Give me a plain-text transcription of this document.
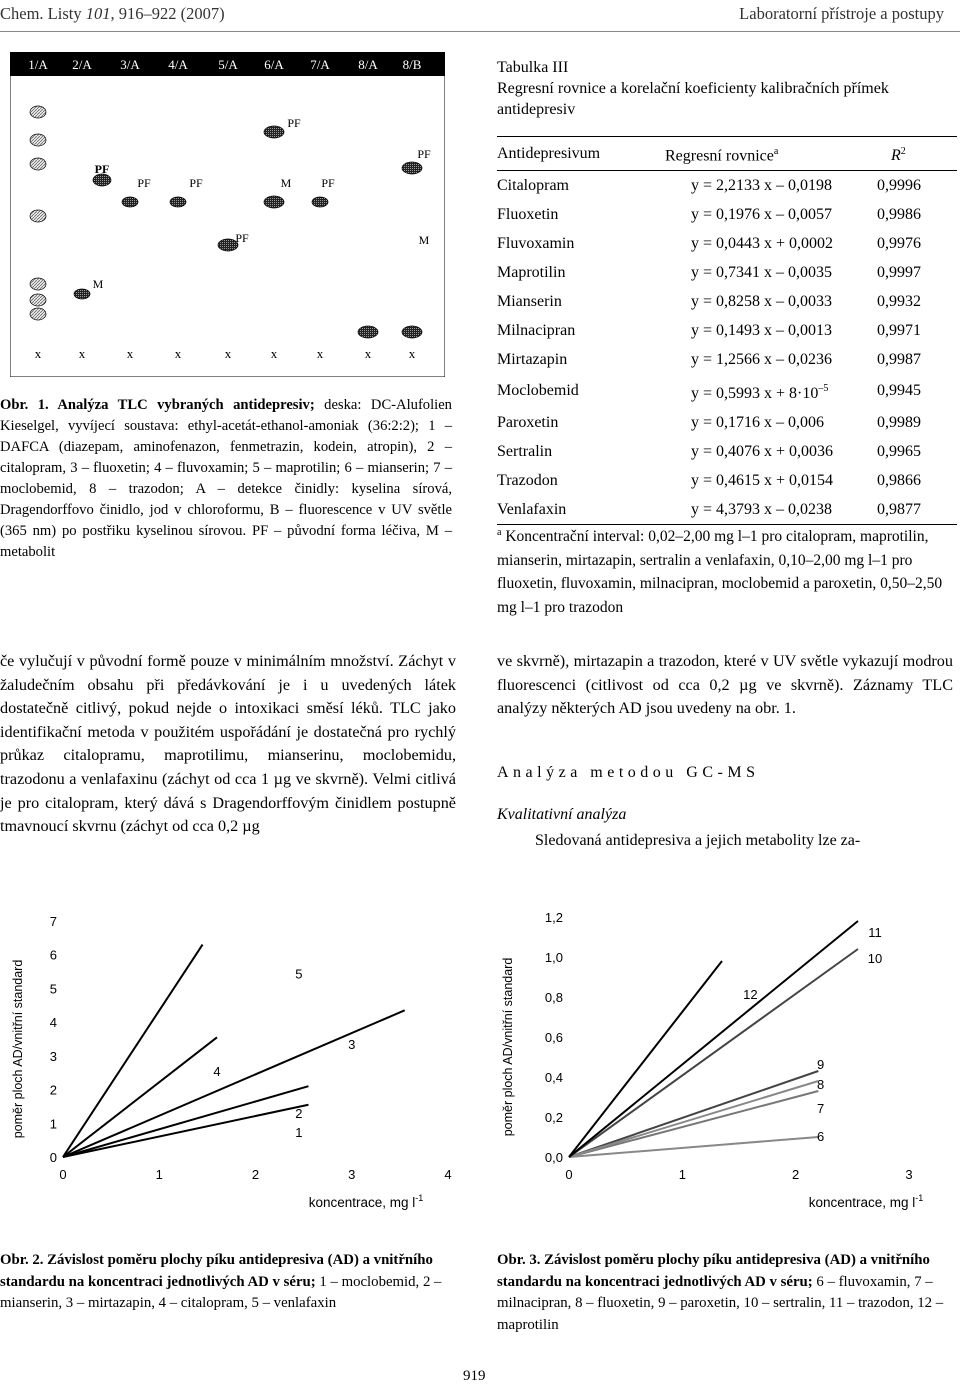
Chem. Listy 101, 916–922 (2007)	Laboratorní přístroje a postupy
1/A 2/A 3/A 4/A 5/A 6/A 7/A 8/A 8/B
PF
PF	PF
PF
PF
PF
PF
M
M
M
x	x	x	x	x	x	x	x	x
Obr. 1. Analýza TLC vybraných antidepresiv; deska: DC-Alufolien Kieselgel, vyvíjecí soustava: ethyl-acetát-ethanol-amoniak (36:2:2); 1 – DAFCA (diazepam, aminofenazon, fenmetrazin, kodein, atropin), 2 – citalopram, 3 – fluoxetin; 4 – fluvoxamin; 5 – maprotilin; 6 – mianserin; 7 – moclobemid, 8 – trazodon; A – detekce činidly: kyselina sírová, Dragendorffovo činidlo, jod v chloroformu, B – fluorescence v UV světle (365 nm) po postřiku kyselinou sírovou. PF – původní forma léčiva, M – metabolit
Tabulka III
Regresní rovnice a korelační koeficienty kalibračních přímek antidepresiv
Antidepresivum	Regresní rovnice$^a$	$R^2$
Citalopram	y = 2,2133 x – 0,0198	0,9996
Fluoxetin	y = 0,1976 x – 0,0057	0,9986
Fluvoxamin	y = 0,0443 x + 0,0002	0,9976
Maprotilin	y = 0,7341 x – 0,0035	0,9997
Mianserin	y = 0,8258 x – 0,0033	0,9932
Milnacipran	y = 0,1493 x – 0,0013	0,9971
Mirtazapin	y = 1,2566 x – 0,0236	0,9987
Moclobemid	y = 0,5993 $x + 8\cdot 10^{-5}$	0,9945
Paroxetin	y = 0,1716 x – 0,006	0,9989
Sertralin	y = 0,4076 x + 0,0036	0,9965
Trazodon	y = 0,4615 x + 0,0154	0,9866
Venlafaxin	y = 4,3793 x – 0,0238	0,9877
$^a$ Koncentrační interval: 0,02–2,00 mg l–1 pro citalopram, maprotilin, mianserin, mirtazapin, sertralin a venlafaxin, 0,10–2,00 mg l–1 pro fluoxetin, fluvoxamin, milnacipran, moclobemid a paroxetin, 0,50–2,50 mg l–1 pro trazodon
če vylučují v původní formě pouze v minimálním množství. Záchyt v žaludečním obsahu při předávkování je i u uvedených látek dostatečně citlivý, pokud nejde o intoxikaci směsí léků. TLC jako identifikační metoda v použitém uspořádání je dostatečná pro rychlý průkaz citalopramu, maprotilimu, mianserinu, moclobemidu, trazodonu a venlafaxinu (záchyt od cca 1 µg ve skvrně). Velmi citlivá je pro citalopram, který dává s Dragendorffovým činidlem postupně tmavnoucí skvrnu (záchyt od cca 0,2 µg
ve skvrně), mirtazapin a trazodon, které v UV světle vykazují modrou fluorescenci (citlivost od cca 0,2 µg ve skvrně). Záznamy TLC analýzy některých AD jsou uvedeny na obr. 1.
Analýza metodou GC-MS
Kvalitativní analýza
Sledovaná antidepresiva a jejich metabolity lze za-
0
1
2
3
4
5
6
7
0	1	2	3	4
poměr ploch AD/vnitřní standard
koncentrace, mg $l^{-1}$
1
2
3
4
5
0,0
0,2
0,4
0,6
0,8
1,0
1,2
0	1	2	3
poměr ploch AD/vnitřní standard
koncentrace, mg $l^{-1}$
6
7
8
9
10
11
12
Obr. 2. Závislost poměru plochy píku antidepresiva (AD) a vnitřního standardu na koncentraci jednotlivých AD v séru; 1 – moclobemid, 2 – mianserin, 3 – mirtazapin, 4 – citalopram, 5 – venlafaxin
Obr. 3. Závislost poměru plochy píku antidepresiva (AD) a vnitřního standardu na koncentraci jednotlivých AD v séru; 6 – fluvoxamin, 7 – milnacipran, 8 – fluoxetin, 9 – paroxetin, 10 – sertralin, 11 – trazodon, 12 – maprotilin
919
